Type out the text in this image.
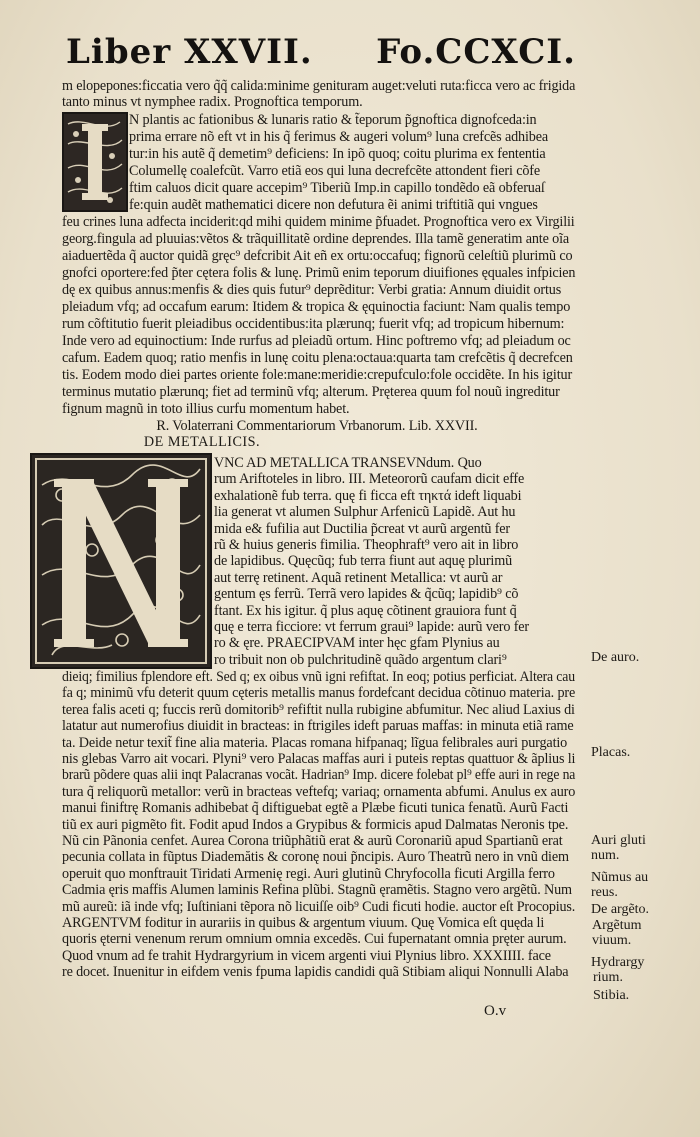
Liber XXVII. Fo.CCXCI.
m elopepones:ficcatia vero q̃q̃ calida:minime genituram auget:veluti ruta:ficca vero ac frigida
tanto minus vt nymphee radix. Prognoftica temporum.
N plantis ac fationibus & lunaris ratio & t̃eporum p̃gnoftica dignofceda:in
prima errare nõ eft vt in his q̃ ferimus & augeri volum⁹ luna crefcẽs adhibea
tur:in his autẽ q̃ demetim⁹ deficiens: In ipõ quoq; coitu plurima ex fententia
Columellę coalefcũt. Varro etiã eos qui luna decrefcẽte attondent fieri cõfe
ftim caluos dicit quare accepim⁹ Tiberiũ Imp.in capillo tondẽdo eã obferuaſ
fe:quin audẽt mathematici dicere non defutura ẽi animi triftitiã qui vngues
feu crines luna adfecta inciderit:qd mihi quidem minime p̃fuadet. Prognoftica vero ex Virgilii
georg.fingula ad pluuias:vẽtos & trãquillitatẽ ordine deprendes. Illa tamẽ generatim ante oĩa
aiaduertẽda q̃ auctor quidã gręc⁹ defcribit Ait eñ ex ortu:occafuq; fignorũ celeſtiũ plurimũ co
gnofci oportere:fed p̃ter cętera folis & lunę. Primũ enim teporum diuifiones ęquales infpicien
dę ex quibus annus:menfis & dies quis futur⁹ deprẽditur: Verbi gratia: Annum diuidit ortus
pleiadum vfq; ad occafum earum: Itidem & tropica & ęquinoctia faciunt: Nam qualis tempo
rum cõftitutio fuerit pleiadibus occidentibus:ita plærunq; fuerit vfq; ad tropicum hibernum:
Inde vero ad equinoctium: Inde rurfus ad pleiadũ ortum. Hinc poftremo vfq; ad pleiadum oc
cafum. Eadem quoq; ratio menfis in lunę coitu plena:octaua:quarta tam crefcẽtis q̃ decrefcen
tis. Eodem modo diei partes oriente fole:mane:meridie:crepufculo:fole occidẽte. In his igitur
terminus mutatio plærunq; fiet ad terminũ vfq; alterum. Pręterea quum fol nouũ ingreditur
fignum magnũ in toto illius curfu momentum habet.
R. Volaterrani Commentariorum Vrbanorum. Lib. XXVII.
DE METALLICIS.
VNC AD METALLICA TRANSEVNdum. Quo
rum Ariftoteles in libro. III. Meteororũ caufam dicit effe
exhalationẽ fub terra. quę fi ficca eft τηκτά ideft liquabi
lia generat vt alumen Sulphur Arfenicũ Lapidẽ. Aut hu
mida e& fufilia aut Ductilia p̃creat vt aurũ argentũ fer
rũ & huius generis fimilia. Theophraft⁹ vero ait in libro
de lapidibus. Quęcũq; fub terra fiunt aut aquę plurimũ
aut terrę retinent. Aquã retinent Metallica: vt aurũ ar
gentum ęs ferrũ. Terrã vero lapides & q̃cũq; lapidib⁹ cõ
ftant. Ex his igitur. q̃ plus aquę cõtinent grauiora funt q̃
quę e terra ficciore: vt ferrum graui⁹ lapide: aurũ vero fer
ro & ęre. PRAECIPVAM inter hęc gfam Plynius au
ro tribuit non ob pulchritudinẽ quãdo argentum clari⁹
dieiq; fimilius fplendore eft. Sed q; ex oibus vnũ igni refiftat. In eoq; potius perficiat. Altera cau
fa q; minimũ vfu deterit quum cęteris metallis manus fordefcant decidua cõtinuo materia. pre
terea falis aceti q; fuccis rerũ domitorib⁹ refiftit nulla rubigine abfumitur. Nec aliud Laxius di
latatur aut numerofius diuidit in bracteas: in ftrigiles ideft paruas maffas: in minuta etiã rame
ta. Deide netur texit̃ fine alia materia. Placas romana hifpanaq; lĩgua felibrales auri purgatio
nis glebas Varro ait vocari. Plyni⁹ vero Palacas maffas auri i puteis reptas quattuor & ãplius li
brarũ põdere quas alii inqt Palacranas vocãt. Hadrian⁹ Imp. dicere folebat pl⁹ effe auri in rege na
tura q̃ reliquorũ metallor: verũ in bracteas veftefq; variaq; ornamenta abfumi. Anulus ex auro
manui finiftrę Romanis adhibebat q̃ diftiguebat egtẽ a Plæbe ficuti tunica fenatũ. Aurũ Facti
tiũ ex auri pigmẽto fit. Fodit apud Indos a Grypibus & formicis apud Dalmatas Neronis tpe.
Nũ cin Pãnonia cenfet. Aurea Corona triũphãtiũ erat & aurũ Coronariũ apud Spartianũ erat
pecunia collata in fũptus Diademătis & coronę noui p̃ncipis. Auro Theatrũ nero in vnũ diem
operuit quo monftrauit Tiridati Armenię regi. Auri glutinũ Chryfocolla ficuti Argilla ferro
Cadmia ęris maffis Alumen laminis Refina plũbi. Stagnũ ęramẽtis. Stagno vero argẽtũ. Num
mũ aureũ: iã inde vfq; Iuſtiniani tẽpora nõ licuiſſe oib⁹ Cudi ficuti hodie. auctor eſt Procopius.
ARGENTVM foditur in aurariis in quibus & argentum viuum. Quę Vomica eſt quęda li
quoris ęterni venenum rerum omnium omnia excedẽs. Cui fupernatant omnia pręter aurum.
Quod vnum ad fe trahit Hydrargyrium in vicem argenti viui Plynius libro. XXXIIII. face
re docet. Inuenitur in eifdem venis fpuma lapidis candidi quã Stibiam aliqui Nonnulli Alaba
De auro.
Placas.
Auri gluti
num.
Nũmus au
reus.
De argẽto.
Argẽtum
viuum.
Hydrargy
rium.
Stibia.
O.v
